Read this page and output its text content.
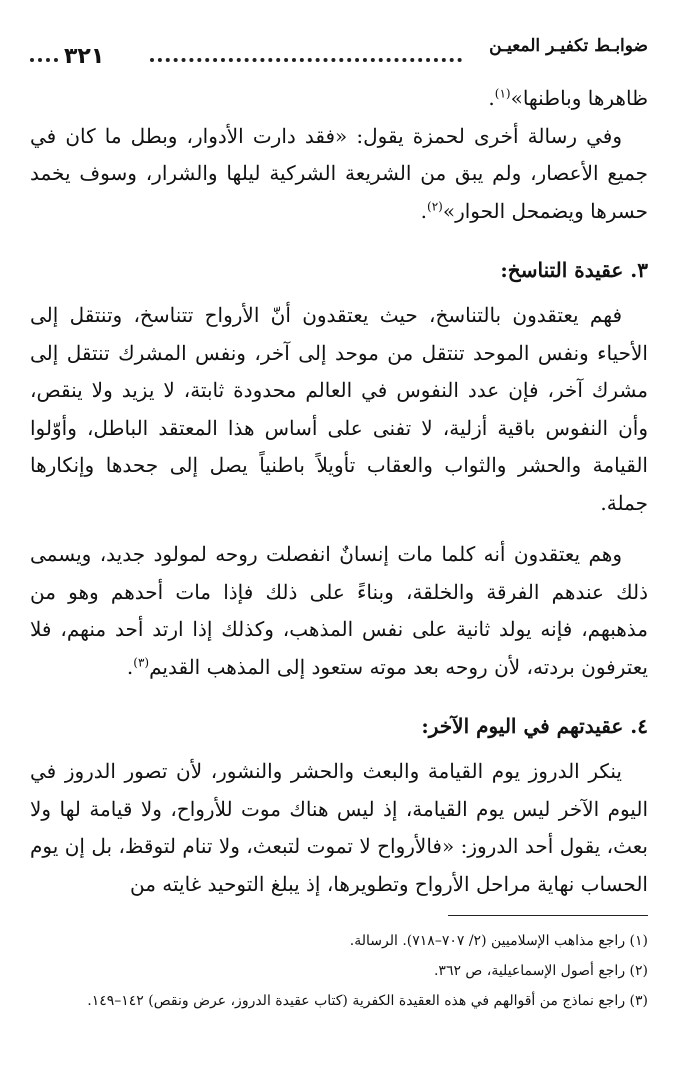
ضوابـط تكفيـر المعيـن
٣٢١

ظاهرها وباطنها»$^{(١)}$.

وفي رسالة أخرى لحمزة يقول: «فقد دارت الأدوار، وبطل ما كان في جميع الأعصار، ولم يبق من الشريعة الشركية ليلها والشرار، وسوف يخمد حسرها ويضمحل الحوار»$^{(٢)}$.

٣. عقيدة التناسخ:

فهم يعتقدون بالتناسخ، حيث يعتقدون أنّ الأرواح تتناسخ، وتنتقل إلى الأحياء ونفس الموحد تنتقل من موحد إلى آخر، ونفس المشرك تنتقل إلى مشرك آخر، فإن عدد النفوس في العالم محدودة ثابتة، لا يزيد ولا ينقص، وأن النفوس باقية أزلية، لا تفنى على أساس هذا المعتقد الباطل، وأوّلوا القيامة والحشر والثواب والعقاب تأويلاً باطنياً يصل إلى جحدها وإنكارها جملة.

وهم يعتقدون أنه كلما مات إنسانٌ انفصلت روحه لمولود جديد، ويسمى ذلك عندهم الفرقة والخلقة، وبناءً على ذلك فإذا مات أحدهم وهو من مذهبهم، فإنه يولد ثانية على نفس المذهب، وكذلك إذا ارتد أحد منهم، فلا يعترفون بردته، لأن روحه بعد موته ستعود إلى المذهب القديم$^{(٣)}$.

٤. عقيدتهم في اليوم الآخر:

ينكر الدروز يوم القيامة والبعث والحشر والنشور، لأن تصور الدروز في اليوم الآخر ليس يوم القيامة، إذ ليس هناك موت للأرواح، ولا قيامة لها ولا بعث، يقول أحد الدروز: «فالأرواح لا تموت لتبعث، ولا تنام لتوقظ، بل إن يوم الحساب نهاية مراحل الأرواح وتطويرها، إذ يبلغ التوحيد غايته من

(١) راجع مذاهب الإسلاميين (٢/ ٧٠٧–٧١٨). الرسالة.

(٢) راجع أصول الإسماعيلية، ص ٣٦٢.

(٣) راجع نماذج من أقوالهم في هذه العقيدة الكفرية (كتاب عقيدة الدروز، عرض ونقص) ١٤٢–١٤٩.
